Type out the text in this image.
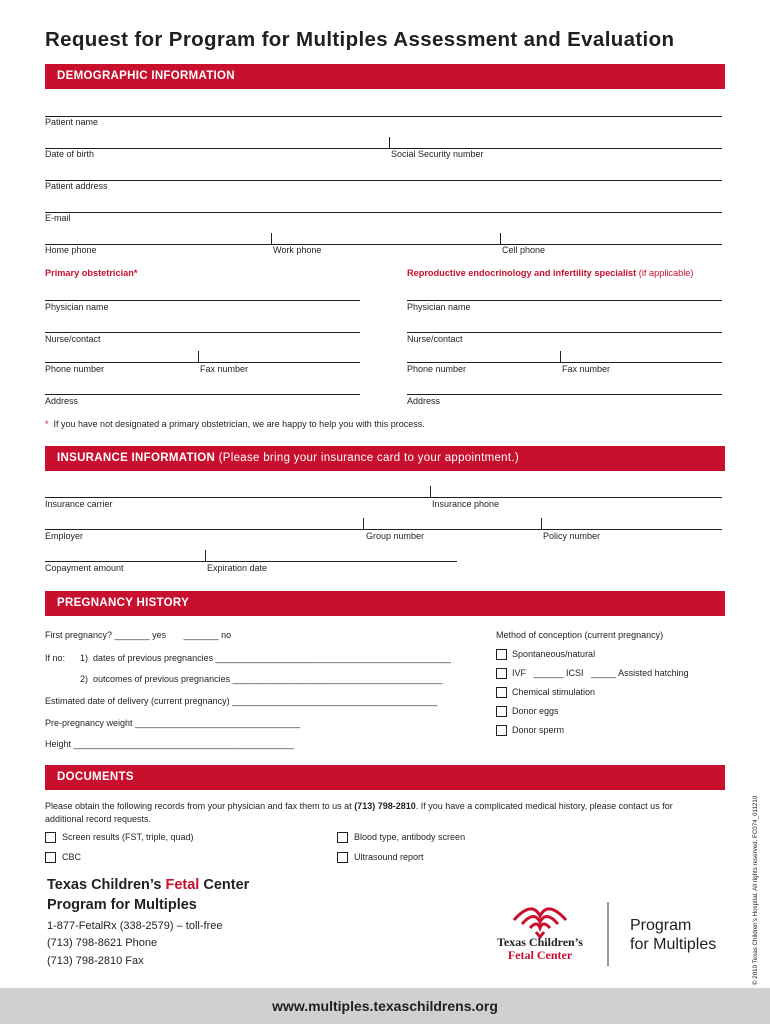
Request for Program for Multiples Assessment and Evaluation
DEMOGRAPHIC INFORMATION
Patient name
Date of birth	Social Security number
Patient address
E-mail
Home phone	Work phone	Cell phone
Primary obstetrician*	Reproductive endocrinology and infertility specialist (if applicable)
Physician name
Nurse/contact
Phone number	Fax number
Address
Physician name
Nurse/contact
Phone number	Fax number
Address
* If you have not designated a primary obstetrician, we are happy to help you with this process.
INSURANCE INFORMATION (Please bring your insurance card to your appointment.)
Insurance carrier	Insurance phone
Employer	Group number	Policy number
Copayment amount	Expiration date
PREGNANCY HISTORY
First pregnancy? _______ yes       _______ no
If no: 1)  dates of previous pregnancies _______________________________________________
2)  outcomes of previous pregnancies __________________________________________
Estimated date of delivery (current pregnancy) _________________________________________
Pre-pregnancy weight _________________________________
Height ____________________________________________
Method of conception (current pregnancy)
Spontaneous/natural
IVF   ______ ICSI   _____ Assisted hatching
Chemical stimulation
Donor eggs
Donor sperm
DOCUMENTS
Please obtain the following records from your physician and fax them to us at (713) 798-2810. If you have a complicated medical history, please contact us for
additional record requests.
Screen results (FST, triple, quad)
CBC
Blood type, antibody screen
Ultrasound report
Texas Children’s Fetal Center
Program for Multiples
1-877-FetalRx (338-2579) – toll-free
(713) 798-8621 Phone
(713) 798-2810 Fax
Texas Children’s
Fetal Center
Program
for Multiples	© 2010 Texas Children’s Hospital. All rights reserved. FC074_011210
www.multiples.texaschildrens.org
